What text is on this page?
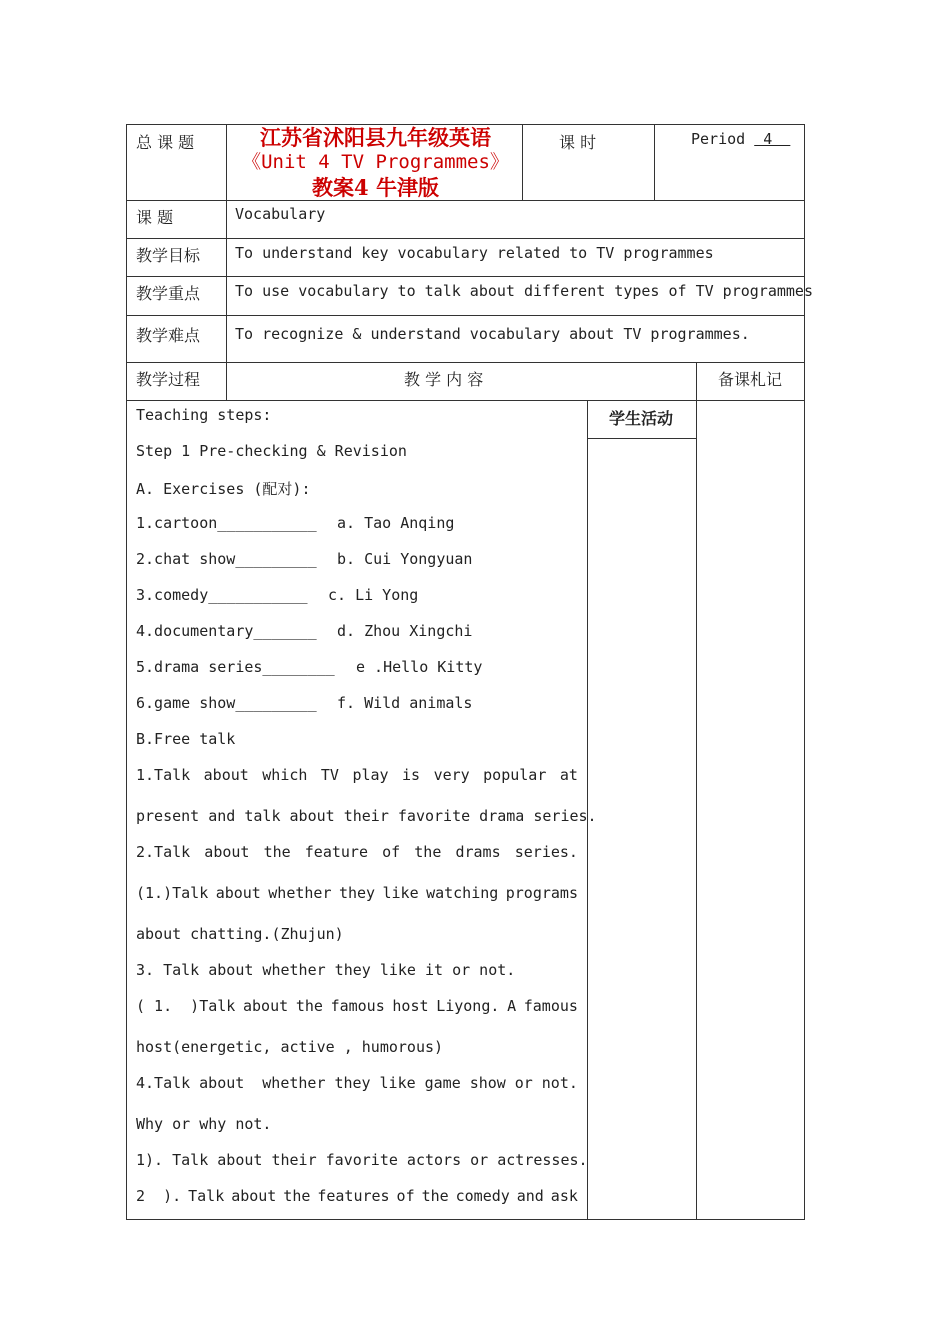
总 课 题	江苏省沭阳县九年级英语
《Unit 4 TV Programmes》
教案4 牛津版
课 时	Period  4
课 题	Vocabulary
教学目标 To understand key vocabulary related to TV programmes
教学重点 To use vocabulary to talk about different types of TV programmes
教学难点 To recognize & understand vocabulary about TV programmes.
教学过程	教 学 内 容	备课札记
学生活动
Teaching steps:
Step 1 Pre-checking & Revision
A. Exercises (配对):
1.cartoon___________ a. Tao Anqing
2.chat show_________ b. Cui Yongyuan
3.comedy___________ c. Li Yong
4.documentary_______ d. Zhou Xingchi
5.drama series________ e .Hello Kitty
6.game show_________ f. Wild animals
B.Free talk
1.Talk about which TV play is very popular at
present and talk about their favorite drama series.
2.Talk about the feature of the drams series.
(1.)Talk about whether they like watching programs
about chatting.(Zhujun)
3. Talk about whether they like it or not.
( 1.  )Talk about the famous host Liyong. A famous
host(energetic, active , humorous)
4.Talk about whether they like game show or not.
Why or why not.
1). Talk about their favorite actors or actresses.
2  ). Talk about the features of the comedy and ask
